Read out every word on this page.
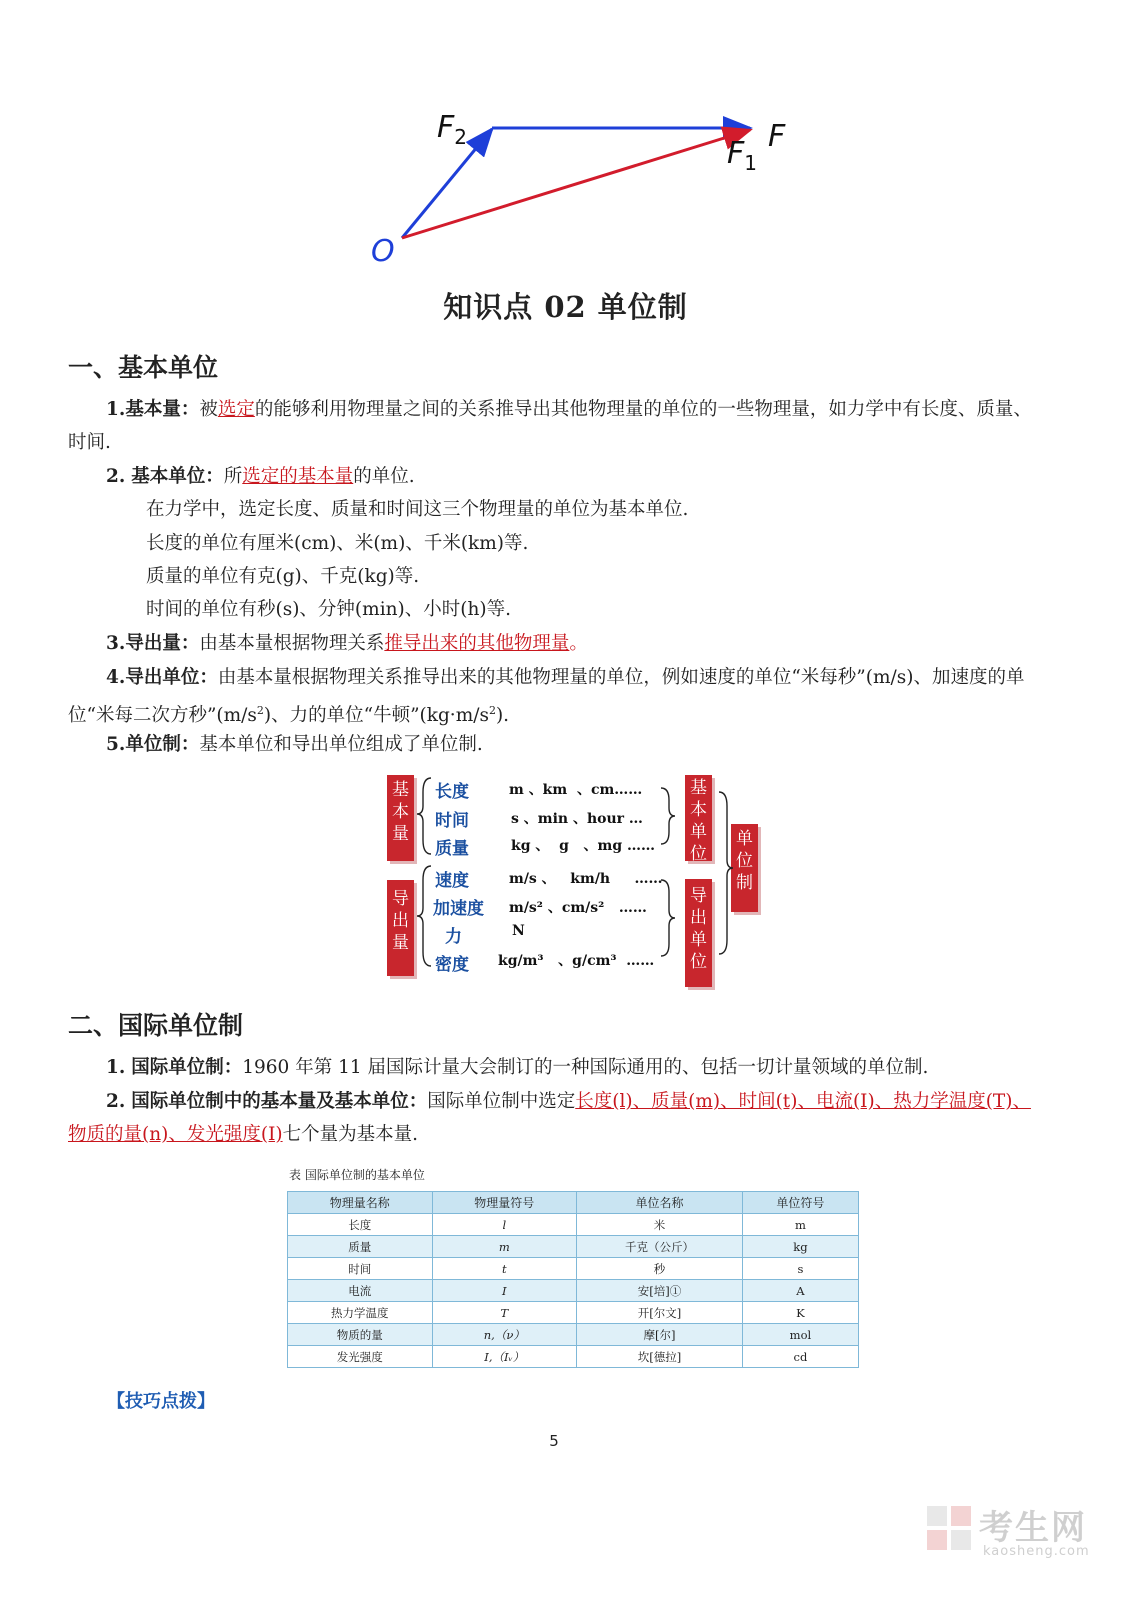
$F_2$	F
$F_1$
O
知识点 02 单位制
一、基本单位
1.基本量：被选定的能够利用物理量之间的关系推导出其他物理量的单位的一些物理量，如力学中有长度、质量、时间.
2. 基本单位：所选定的基本量的单位.
在力学中，选定长度、质量和时间这三个物理量的单位为基本单位.
长度的单位有厘米(cm)、米(m)、千米(km)等.
质量的单位有克(g)、千克(kg)等.
时间的单位有秒(s)、分钟(min)、小时(h)等.
3.导出量：由基本量根据物理关系推导出来的其他物理量。
4.导出单位：由基本量根据物理关系推导出来的其他物理量的单位，例如速度的单位“米每秒”(m/s)、加速度的单位“米每二次方秒$”(m/s^2)$、力的单位“牛顿$”(kg\cdot m/s^2)$.
5.单位制：基本单位和导出单位组成了单位制.
基本量
导出量
基本单位
导出单位
单位制
长度	m 、km  、cm……
时间	s 、min 、hour …
质量	kg 、  g   、mg ……
速度	m/s 、   km/h     ……
加速度 m/s² 、cm/s²   ……
力	N
密度 kg/m³   、g/cm³  ……
二、国际单位制
1. 国际单位制：1960 年第 11 届国际计量大会制订的一种国际通用的、包括一切计量领域的单位制.
2. 国际单位制中的基本量及基本单位：国际单位制中选定长度(l)、质量(m)、时间(t)、电流(I)、热力学温度(T)、物质的量(n)、发光强度(I)七个量为基本量.
表 国际单位制的基本单位
物理量名称	物理量符号	单位名称	单位符号
长度	l	米	m
质量	m	千克（公斤）	kg
时间	t	秒	s
电流	I	安[培]①	A
热力学温度	T	开[尔文]	K
物质的量	n,（ν）	摩[尔]	mol
发光强度	I,（Iᵥ）	坎[德拉]	cd
【技巧点拨】
5
考生网
kaosheng.com
